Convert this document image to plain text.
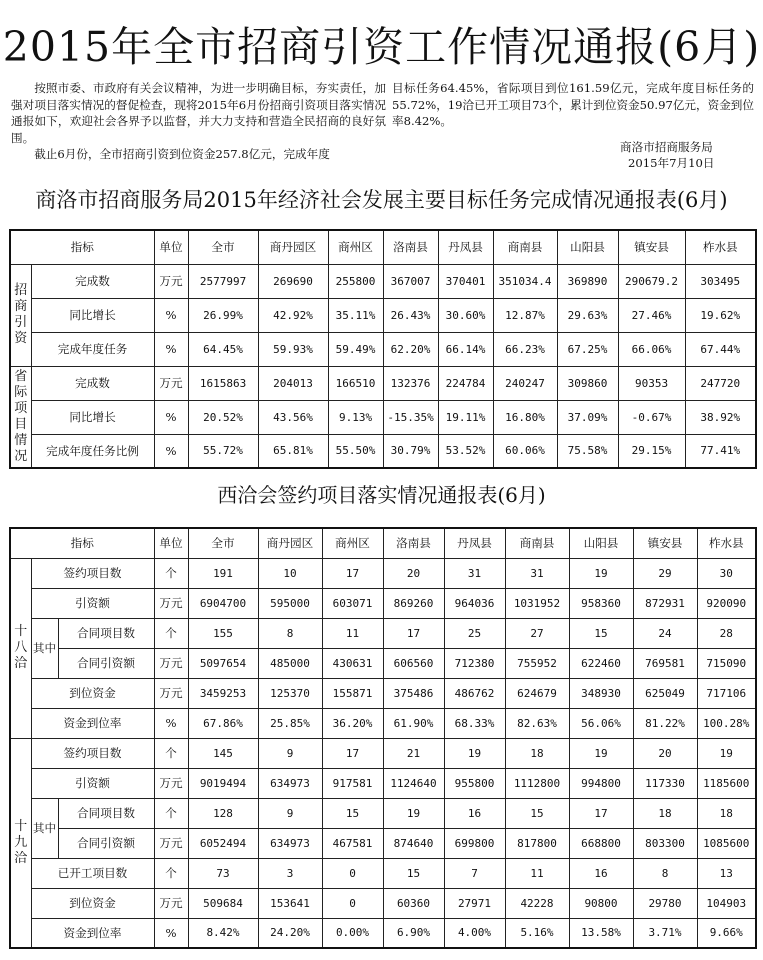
2015年全市招商引资工作情况通报(6月)
按照市委、市政府有关会议精神，为进一步明确目标，夯实责任，加强对项目落实情况的督促检查，现将2015年6月份招商引资项目落实情况通报如下，欢迎社会各界予以监督，并大力支持和营造全民招商的良好氛围。
截止6月份，全市招商引资到位资金257.8亿元，完成年度
目标任务64.45%，省际项目到位161.59亿元，完成年度目标任务的55.72%，19洽已开工项目73个，累计到位资金50.97亿元，资金到位率8.42%。
商洛市招商服务局
2015年7月10日
商洛市招商服务局2015年经济社会发展主要目标任务完成情况通报表(6月)
指标		单位	全市	商丹园区	商州区	洛南县	丹凤县	商南县	山阳县	镇安县	柞水县
招商引资	完成数	万元	2577997	269690	255800	367007	370401	351034.4	369890	290679.2	303495
	同比增长	%	26.99%	42.92%	35.11%	26.43%	30.60%	12.87%	29.63%	27.46%	19.62%
	完成年度任务	%	64.45%	59.93%	59.49%	62.20%	66.14%	66.23%	67.25%	66.06%	67.44%
省际项目情况	完成数	万元	1615863	204013	166510	132376	224784	240247	309860	90353	247720
	同比增长	%	20.52%	43.56%	9.13%	-15.35%	19.11%	16.80%	37.09%	-0.67%	38.92%
	完成年度任务比例	%	55.72%	65.81%	55.50%	30.79%	53.52%	60.06%	75.58%	29.15%	77.41%
西洽会签约项目落实情况通报表(6月)
指标			单位	全市	商丹园区	商州区	洛南县	丹凤县	商南县	山阳县	镇安县	柞水县
十八洽	签约项目数		个	191	10	17	20	31	31	19	29	30
	引资额		万元	6904700	595000	603071	869260	964036	1031952	958360	872931	920090
	其中	合同项目数	个	155	8	11	17	25	27	15	24	28
		合同引资额	万元	5097654	485000	430631	606560	712380	755952	622460	769581	715090
	到位资金		万元	3459253	125370	155871	375486	486762	624679	348930	625049	717106
	资金到位率		%	67.86%	25.85%	36.20%	61.90%	68.33%	82.63%	56.06%	81.22%	100.28%
十九洽	签约项目数		个	145	9	17	21	19	18	19	20	19
	引资额		万元	9019494	634973	917581	1124640	955800	1112800	994800	117330	1185600
	其中	合同项目数	个	128	9	15	19	16	15	17	18	18
		合同引资额	万元	6052494	634973	467581	874640	699800	817800	668800	803300	1085600
	已开工项目数		个	73	3	0	15	7	11	16	8	13
	到位资金		万元	509684	153641	0	60360	27971	42228	90800	29780	104903
	资金到位率		%	8.42%	24.20%	0.00%	6.90%	4.00%	5.16%	13.58%	3.71%	9.66%
